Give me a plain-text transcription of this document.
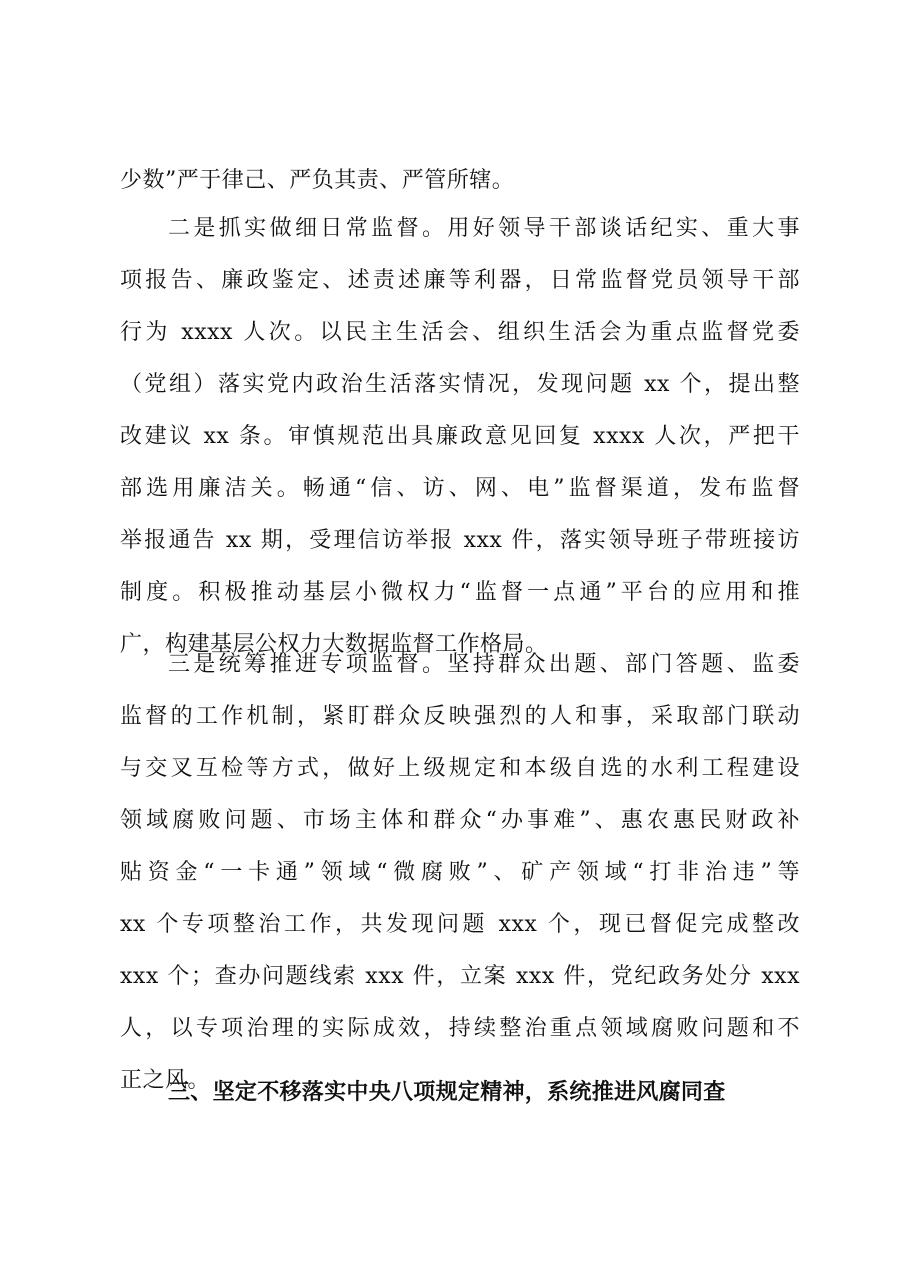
少数”严于律己、严负其责、严管所辖。
二是抓实做细日常监督。用好领导干部谈话纪实、重大事
项报告、廉政鉴定、述责述廉等利器，日常监督党员领导干部
行为 xxxx 人次。以民主生活会、组织生活会为重点监督党委
（党组）落实党内政治生活落实情况，发现问题 xx 个，提出整
改建议 xx 条。审慎规范出具廉政意见回复 xxxx 人次，严把干
部选用廉洁关。畅通“信、访、网、电”监督渠道，发布监督
举报通告 xx 期，受理信访举报 xxx 件，落实领导班子带班接访
制度。积极推动基层小微权力“监督一点通”平台的应用和推
广，构建基层公权力大数据监督工作格局。
三是统筹推进专项监督。坚持群众出题、部门答题、监委
监督的工作机制，紧盯群众反映强烈的人和事，采取部门联动
与交叉互检等方式，做好上级规定和本级自选的水利工程建设
领域腐败问题、市场主体和群众“办事难”、惠农惠民财政补
贴资金“一卡通”领域“微腐败”、矿产领域“打非治违”等
xx 个专项整治工作，共发现问题 xxx 个，现已督促完成整改
xxx 个；查办问题线索 xxx 件，立案 xxx 件，党纪政务处分 xxx
人，以专项治理的实际成效，持续整治重点领域腐败问题和不
正之风。
三、坚定不移落实中央八项规定精神，系统推进风腐同查
